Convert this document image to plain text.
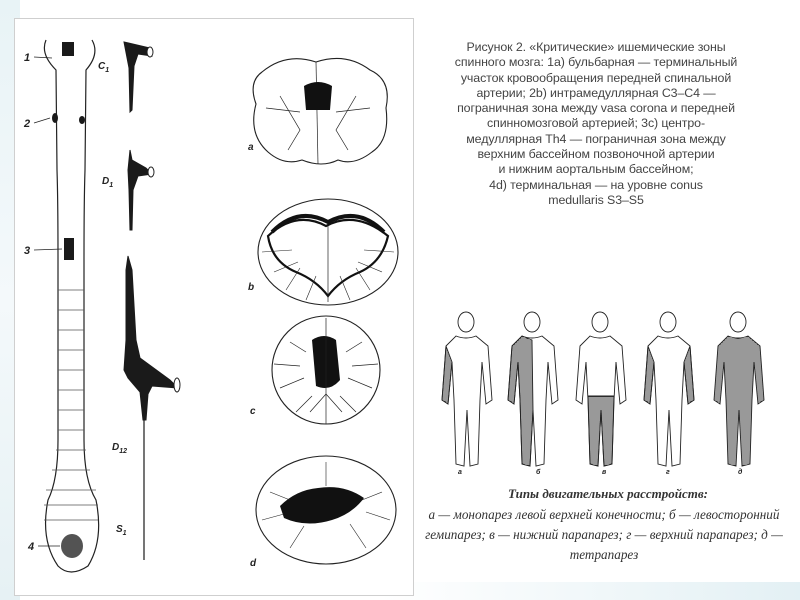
1
2
3
4
$C_1$
$D_1$
$D_{12}$
$S_1$
a
b
c
d
а	б	в	г	д
Рисунок 2. «Критические» ишемические зоны
спинного мозга: 1а) бульбарная — терминальный
участок кровообращения передней спинальной
артерии; 2b) интрамедуллярная C3–C4 —
пограничная зона между vasa corona и передней
спинномозговой артерией; 3c) центро-
медуллярная Th4 — пограничная зона между
верхним бассейном позвоночной артерии
и нижним аортальным бассейном;
4d) терминальная — на уровне conus
medullaris S3–S5
Типы двигательных расстройств:
а — монопарез левой верхней конечности; б — левосторонний гемипарез; в — нижний парапарез; г — верхний парапарез; д — тетрапарез
